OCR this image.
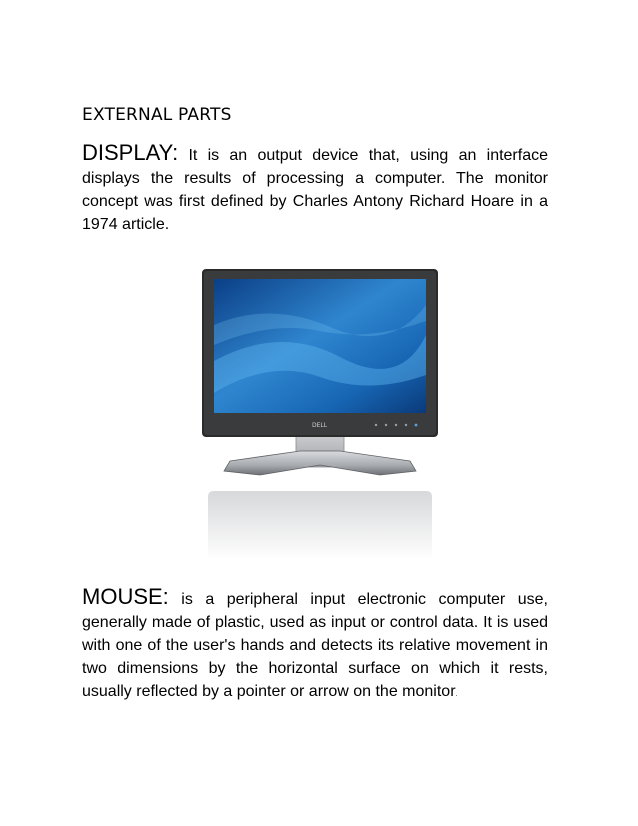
EXTERNAL PARTS

DISPLAY: It is an output device that, using an interface displays the results of processing a computer. The monitor concept was first defined by Charles Antony Richard Hoare in a 1974 article.

DELL

MOUSE: is a peripheral input electronic computer use, generally made of plastic, used as input or control data. It is used with one of the user's hands and detects its relative movement in two dimensions by the horizontal surface on which it rests, usually reflected by a pointer or arrow on the monitor.
